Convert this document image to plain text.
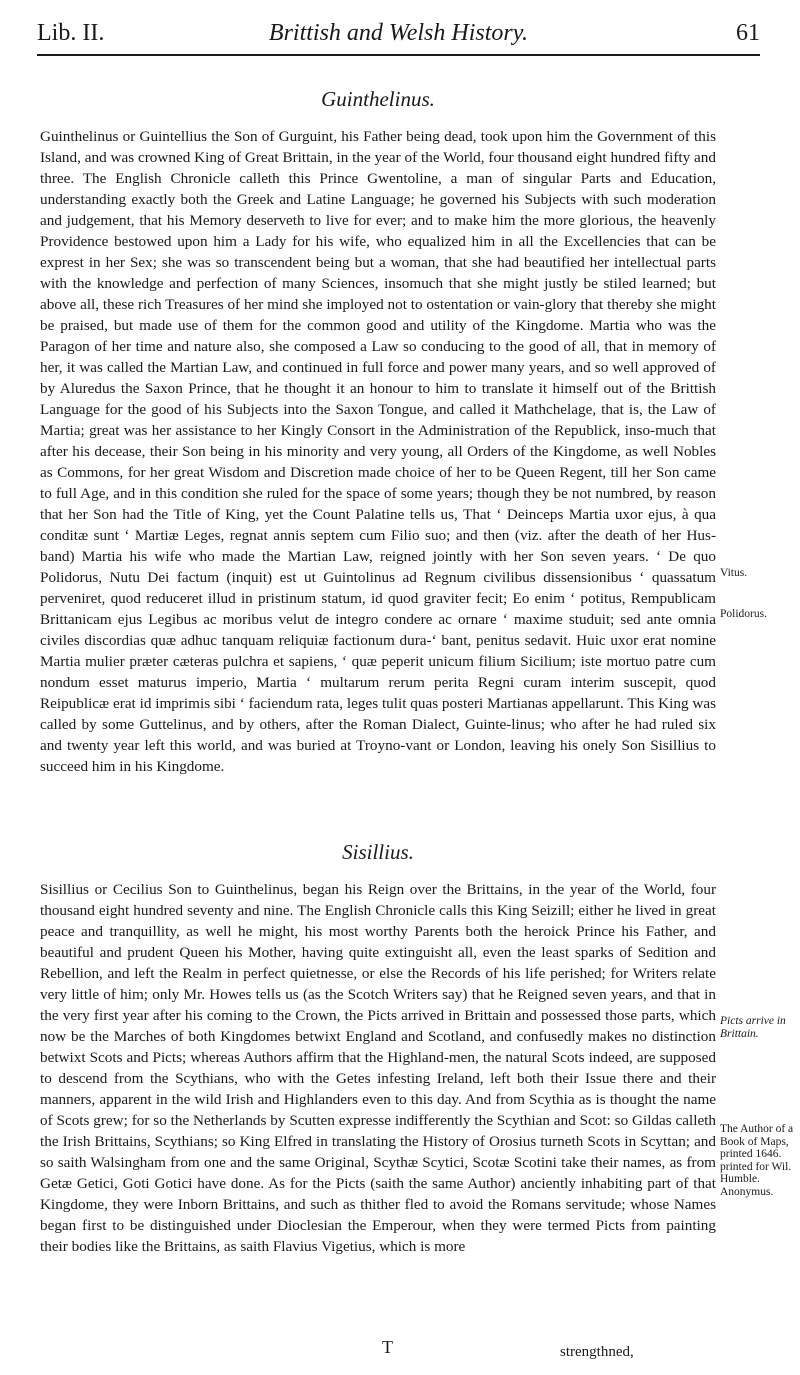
Lib. II.	Brittish and Welsh History.	61
Guinthelinus.

Guinthelinus or Guintellius the Son of Gurguint, his Father being dead, took upon him the Government of this Island, and was crowned King of Great Brittain, in the year of the World, four thousand eight hundred fifty and three. The English Chronicle calleth this Prince Gwentoline, a man of singular Parts and Education, understanding exactly both the Greek and Latine Language; he governed his Subjects with such moderation and judgement, that his Memory deserveth to live for ever; and to make him the more glorious, the heavenly Providence bestowed upon him a Lady for his wife, who equalized him in all the Excellencies that can be exprest in her Sex; she was so transcendent being but a woman, that she had beautified her intellectual parts with the knowledge and perfection of many Sciences, insomuch that she might justly be stiled learned; but above all, these rich Treasures of her mind she imployed not to ostentation or vain-glory that thereby she might be praised, but made use of them for the common good and utility of the Kingdome. Martia who was the Paragon of her time and nature also, she composed a Law so conducing to the good of all, that in memory of her, it was called the Martian Law, and continued in full force and power many years, and so well approved of by Aluredus the Saxon Prince, that he thought it an honour to him to translate it himself out of the Brittish Language for the good of his Subjects into the Saxon Tongue, and called it Mathchelage, that is, the Law of Martia; great was her assistance to her Kingly Consort in the Administration of the Republick, inso-much that after his decease, their Son being in his minority and very young, all Orders of the Kingdome, as well Nobles as Commons, for her great Wisdom and Discretion made choice of her to be Queen Regent, till her Son came to full Age, and in this condition she ruled for the space of some years; though they be not numbred, by reason that her Son had the Title of King, yet the Count Palatine tells us, That ‘ Deinceps Martia uxor ejus, à qua conditæ sunt ‘ Martiæ Leges, regnat annis septem cum Filio suo; and then (viz. after the death of her Hus-band) Martia his wife who made the Martian Law, reigned jointly with her Son seven years. ‘ De quo Polidorus, Nutu Dei factum (inquit) est ut Guintolinus ad Regnum civilibus dissensionibus ‘ quassatum perveniret, quod reduceret illud in pristinum statum, id quod graviter fecit; Eo enim ‘ potitus, Rempublicam Brittanicam ejus Legibus ac moribus velut de integro condere ac ornare ‘ maxime studuit; sed ante omnia civiles discordias quæ adhuc tanquam reliquiæ factionum dura-‘ bant, penitus sedavit. Huic uxor erat nomine Martia mulier præter cæteras pulchra et sapiens, ‘ quæ peperit unicum filium Sicilium; iste mortuo patre cum nondum esset maturus imperio, Martia ‘ multarum rerum perita Regni curam interim suscepit, quod Reipublicæ erat id imprimis sibi ‘ faciendum rata, leges tulit quas posteri Martianas appellarunt. This King was called by some Guttelinus, and by others, after the Roman Dialect, Guinte-linus; who after he had ruled six and twenty year left this world, and was buried at Troyno-vant or London, leaving his onely Son Sisillius to succeed him in his Kingdome.

Sisillius.

Sisillius or Cecilius Son to Guinthelinus, began his Reign over the Brittains, in the year of the World, four thousand eight hundred seventy and nine. The English Chronicle calls this King Seizill; either he lived in great peace and tranquillity, as well he might, his most worthy Parents both the heroick Prince his Father, and beautiful and prudent Queen his Mother, having quite extinguisht all, even the least sparks of Sedition and Rebellion, and left the Realm in perfect quietnesse, or else the Records of his life perished; for Writers relate very little of him; only Mr. Howes tells us (as the Scotch Writers say) that he Reigned seven years, and that in the very first year after his coming to the Crown, the Picts arrived in Brittain and possessed those parts, which now be the Marches of both Kingdomes betwixt England and Scotland, and confusedly makes no distinction betwixt Scots and Picts; whereas Authors affirm that the Highland-men, the natural Scots indeed, are supposed to descend from the Scythians, who with the Getes infesting Ireland, left both their Issue there and their manners, apparent in the wild Irish and Highlanders even to this day. And from Scythia as is thought the name of Scots grew; for so the Netherlands by Scutten expresse indifferently the Scythian and Scot: so Gildas calleth the Irish Brittains, Scythians; so King Elfred in translating the History of Orosius turneth Scots in Scyttan; and so saith Walsingham from one and the same Original, Scythæ Scytici, Scotæ Scotini take their names, as from Getæ Getici, Goti Gotici have done. As for the Picts (saith the same Author) anciently inhabiting part of that Kingdome, they were Inborn Brittains, and such as thither fled to avoid the Romans servitude; whose Names began first to be distinguished under Dioclesian the Emperour, when they were termed Picts from painting their bodies like the Brittains, as saith Flavius Vigetius, which is more

Vitus.
Polidorus.
Picts arrive in Brittain.
The Author of a Book of Maps, printed 1646. printed for Wil. Humble. Anonymus.
T	strengthned,
